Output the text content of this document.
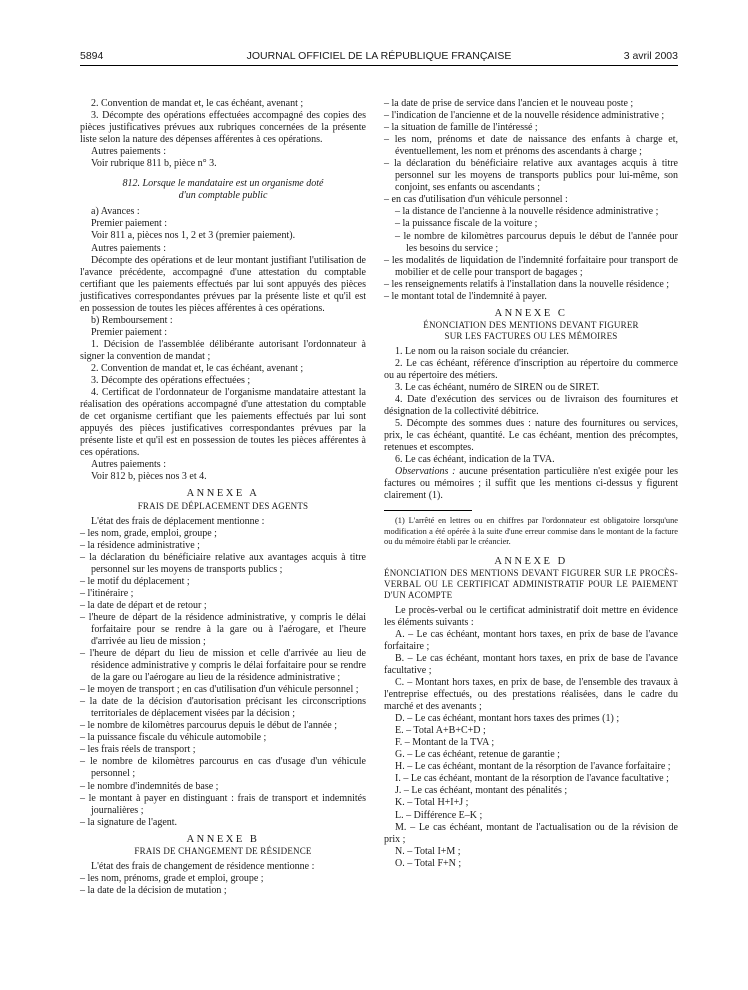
5894	JOURNAL OFFICIEL DE LA RÉPUBLIQUE FRANÇAISE	3 avril 2003

2. Convention de mandat et, le cas échéant, avenant ;

3. Décompte des opérations effectuées accompagné des copies des pièces justificatives prévues aux rubriques concernées de la présente liste selon la nature des dépenses afférentes à ces opérations.

Autres paiements :

Voir rubrique 811 b, pièce n° 3.

812. Lorsque le mandataire est un organisme doté d'un comptable public

a) Avances :

Premier paiement :

Voir 811 a, pièces nos 1, 2 et 3 (premier paiement).

Autres paiements :

Décompte des opérations et de leur montant justifiant l'utilisation de l'avance précédente, accompagné d'une attestation du comptable certifiant que les paiements effectués par lui sont appuyés des pièces justificatives correspondantes prévues par la présente liste et qu'il est en possession de toutes les pièces afférentes à ces opérations.

b) Remboursement :

Premier paiement :

1. Décision de l'assemblée délibérante autorisant l'ordonnateur à signer la convention de mandat ;

2. Convention de mandat et, le cas échéant, avenant ;

3. Décompte des opérations effectuées ;

4. Certificat de l'ordonnateur de l'organisme mandataire attestant la réalisation des opérations accompagné d'une attestation du comptable de cet organisme certifiant que les paiements effectués par lui sont appuyés des pièces justificatives correspondantes prévues par la présente liste et qu'il est en possession de toutes les pièces afférentes à ces opérations.

Autres paiements :

Voir 812 b, pièces nos 3 et 4.

ANNEXE A

FRAIS DE DÉPLACEMENT DES AGENTS

L'état des frais de déplacement mentionne :

– les nom, grade, emploi, groupe ;

– la résidence administrative ;

– la déclaration du bénéficiaire relative aux avantages acquis à titre personnel sur les moyens de transports publics ;

– le motif du déplacement ;

– l'itinéraire ;

– la date de départ et de retour ;

– l'heure de départ de la résidence administrative, y compris le délai forfaitaire pour se rendre à la gare ou à l'aérogare, et l'heure d'arrivée au lieu de mission ;

– l'heure de départ du lieu de mission et celle d'arrivée au lieu de résidence administrative y compris le délai forfaitaire pour se rendre de la gare ou l'aérogare au lieu de la résidence administrative ;

– le moyen de transport ; en cas d'utilisation d'un véhicule personnel ;

– la date de la décision d'autorisation précisant les circonscriptions territoriales de déplacement visées par la décision ;

– le nombre de kilomètres parcourus depuis le début de l'année ;

– la puissance fiscale du véhicule automobile ;

– les frais réels de transport ;

– le nombre de kilomètres parcourus en cas d'usage d'un véhicule personnel ;

– le nombre d'indemnités de base ;

– le montant à payer en distinguant : frais de transport et indemnités journalières ;

– la signature de l'agent.

ANNEXE B

FRAIS DE CHANGEMENT DE RÉSIDENCE

L'état des frais de changement de résidence mentionne :

– les nom, prénoms, grade et emploi, groupe ;

– la date de la décision de mutation ;

– la date de prise de service dans l'ancien et le nouveau poste ;

– l'indication de l'ancienne et de la nouvelle résidence administrative ;

– la situation de famille de l'intéressé ;

– les nom, prénoms et date de naissance des enfants à charge et, éventuellement, les nom et prénoms des ascendants à charge ;

– la déclaration du bénéficiaire relative aux avantages acquis à titre personnel sur les moyens de transports publics pour lui-même, son conjoint, ses enfants ou ascendants ;

– en cas d'utilisation d'un véhicule personnel :

– la distance de l'ancienne à la nouvelle résidence administrative ;

– la puissance fiscale de la voiture ;

– le nombre de kilomètres parcourus depuis le début de l'année pour les besoins du service ;

– les modalités de liquidation de l'indemnité forfaitaire pour transport de mobilier et de celle pour transport de bagages ;

– les renseignements relatifs à l'installation dans la nouvelle résidence ;

– le montant total de l'indemnité à payer.

ANNEXE C

ÉNONCIATION DES MENTIONS DEVANT FIGURER SUR LES FACTURES OU LES MÉMOIRES

1. Le nom ou la raison sociale du créancier.

2. Le cas échéant, référence d'inscription au répertoire du commerce ou au répertoire des métiers.

3. Le cas échéant, numéro de SIREN ou de SIRET.

4. Date d'exécution des services ou de livraison des fournitures et désignation de la collectivité débitrice.

5. Décompte des sommes dues : nature des fournitures ou services, prix, le cas échéant, quantité. Le cas échéant, mention des précomptes, retenues et escomptes.

6. Le cas échéant, indication de la TVA.

Observations : aucune présentation particulière n'est exigée pour les factures ou mémoires ; il suffit que les mentions ci-dessus y figurent clairement (1).

(1) L'arrêté en lettres ou en chiffres par l'ordonnateur est obligatoire lorsqu'une modification a été opérée à la suite d'une erreur commise dans le montant de la facture ou du mémoire établi par le créancier.

ANNEXE D

ÉNONCIATION DES MENTIONS DEVANT FIGURER SUR LE PROCÈS-VERBAL OU LE CERTIFICAT ADMINISTRATIF POUR LE PAIEMENT D'UN ACOMPTE

Le procès-verbal ou le certificat administratif doit mettre en évidence les éléments suivants :

A. – Le cas échéant, montant hors taxes, en prix de base de l'avance forfaitaire ;

B. – Le cas échéant, montant hors taxes, en prix de base de l'avance facultative ;

C. – Montant hors taxes, en prix de base, de l'ensemble des travaux à l'entreprise effectués, ou des prestations réalisées, dans le cadre du marché et des avenants ;

D. – Le cas échéant, montant hors taxes des primes (1) ;

E. – Total A+B+C+D ;

F. – Montant de la TVA ;

G. – Le cas échéant, retenue de garantie ;

H. – Le cas échéant, montant de la résorption de l'avance forfaitaire ;

I. – Le cas échéant, montant de la résorption de l'avance facultative ;

J. – Le cas échéant, montant des pénalités ;

K. – Total H+I+J ;

L. – Différence E–K ;

M. – Le cas échéant, montant de l'actualisation ou de la révision de prix ;

N. – Total I+M ;

O. – Total F+N ;
